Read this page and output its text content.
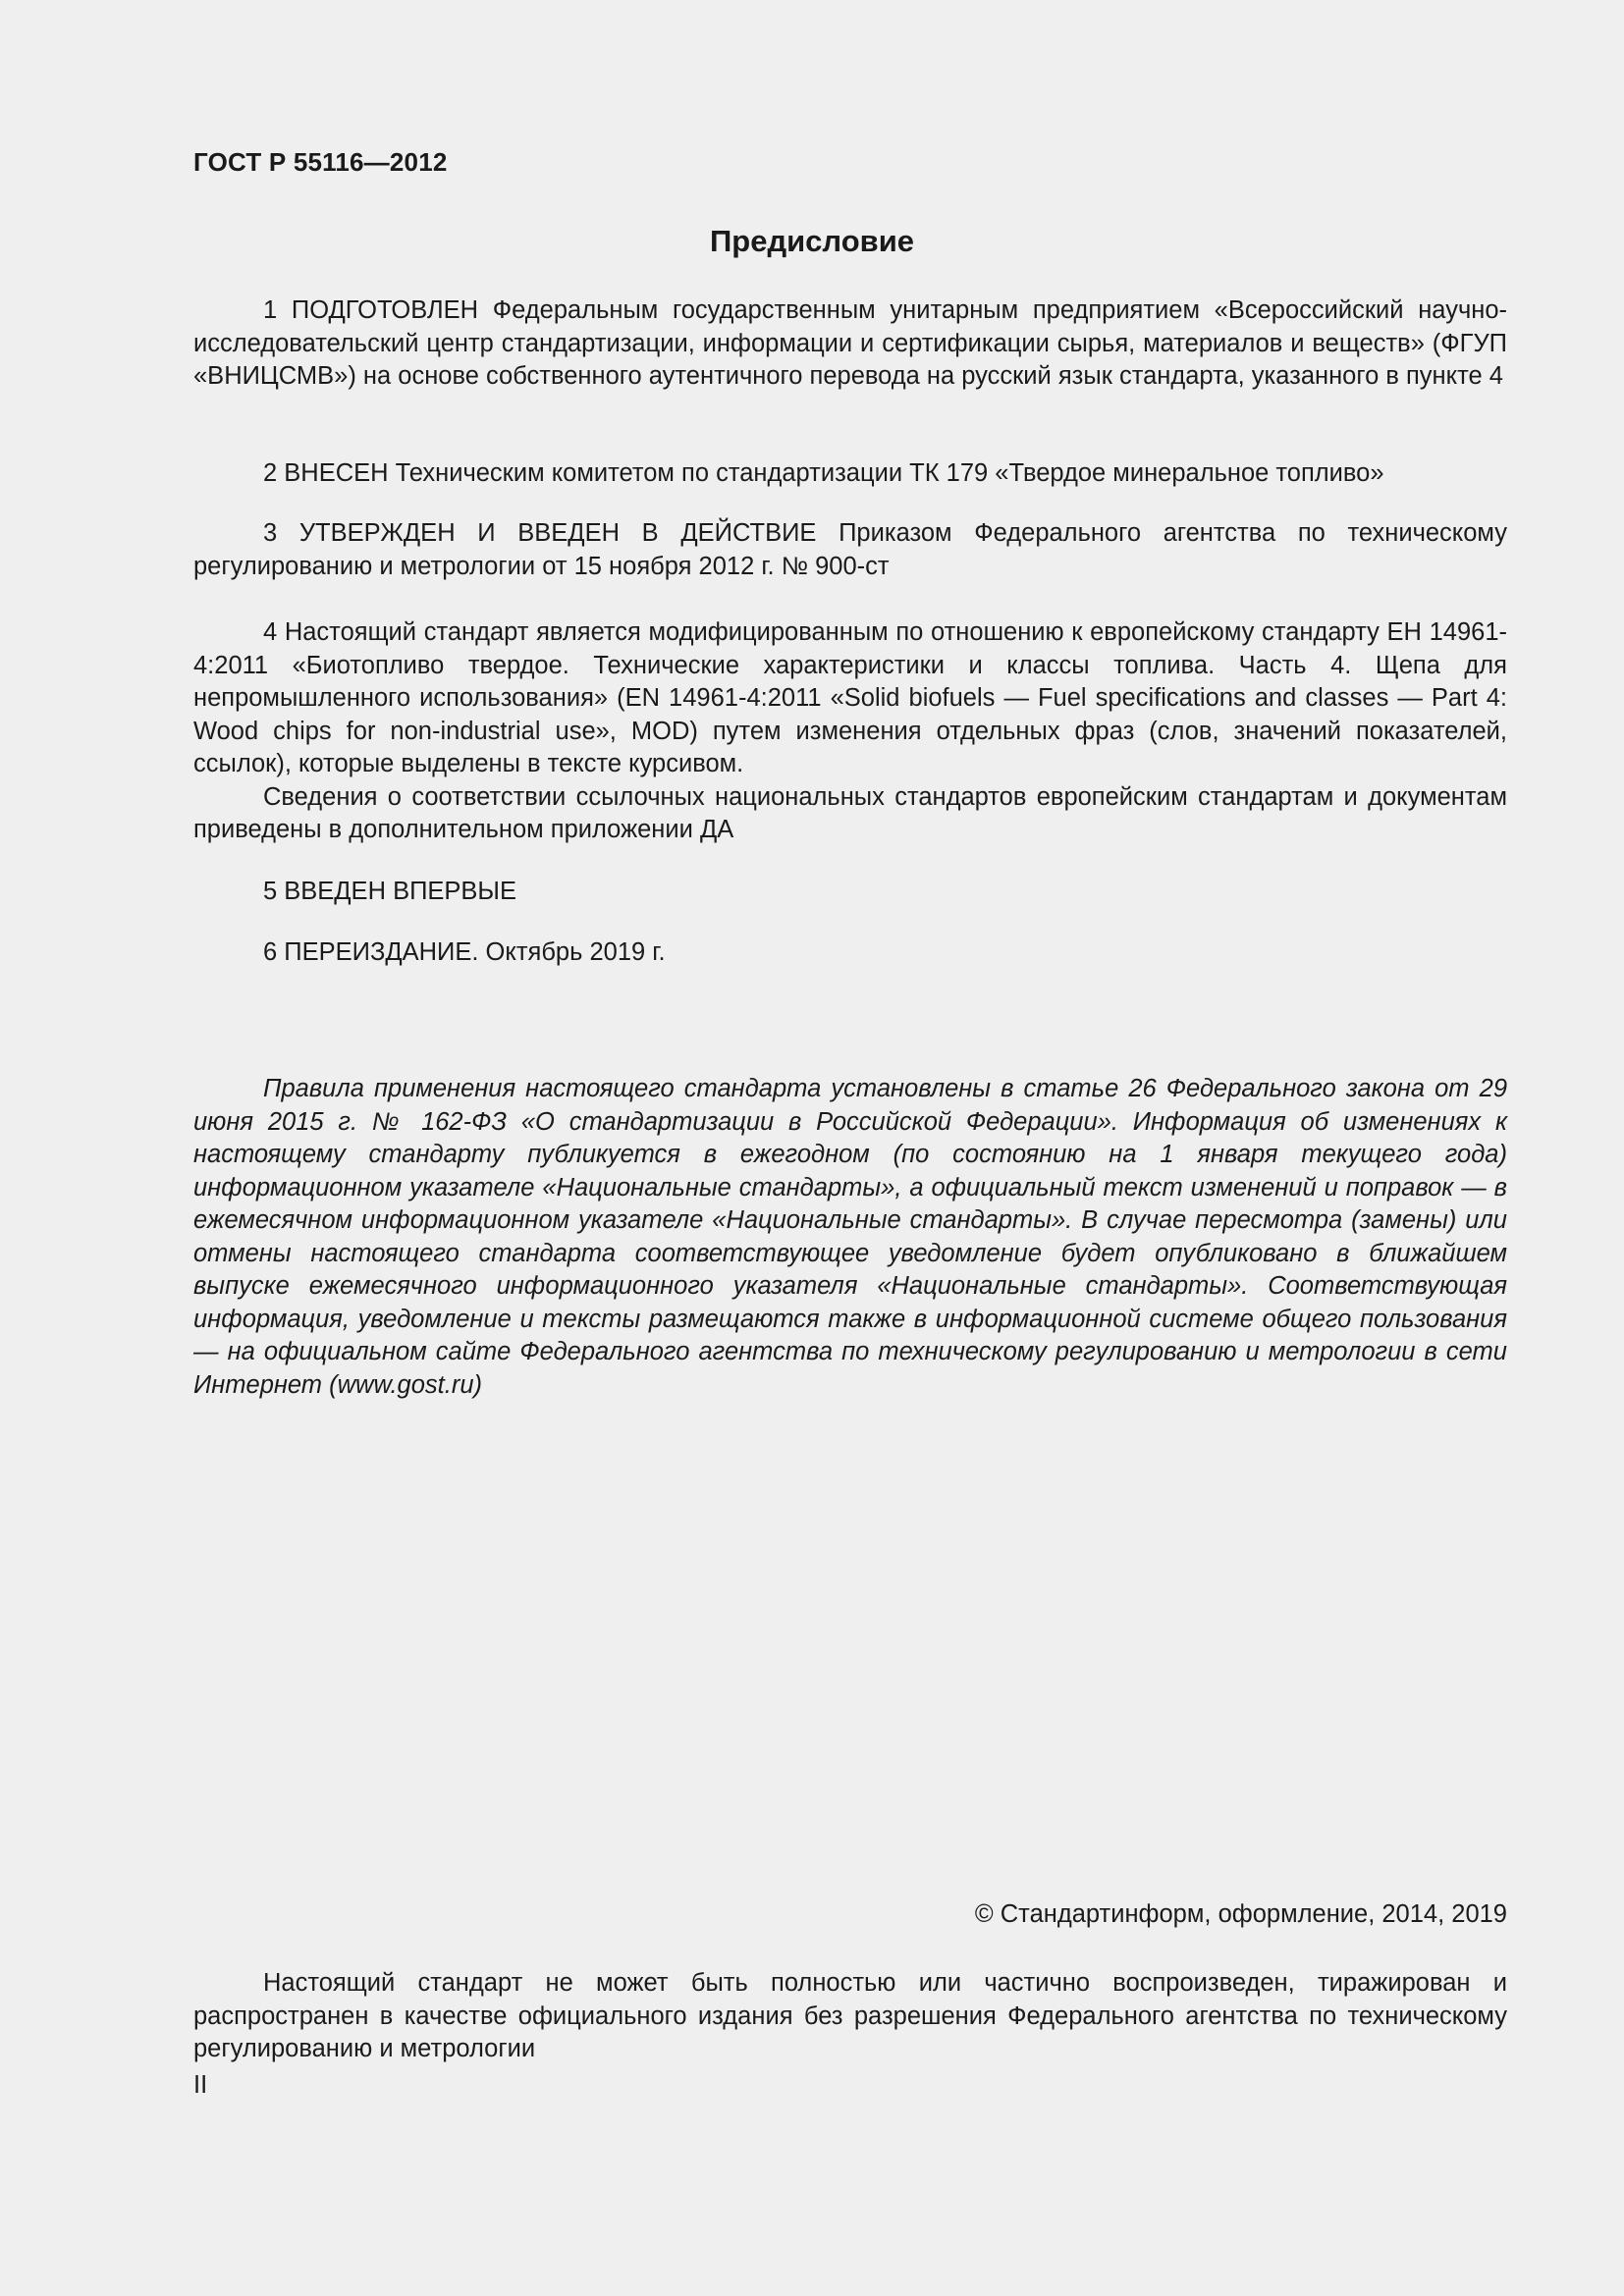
ГОСТ Р 55116—2012
Предисловие

1 ПОДГОТОВЛЕН Федеральным государственным унитарным предприятием «Всероссийский научно-исследовательский центр стандартизации, информации и сертификации сырья, материалов и веществ» (ФГУП «ВНИЦСМВ») на основе собственного аутентичного перевода на русский язык стандарта, указанного в пункте 4

2 ВНЕСЕН Техническим комитетом по стандартизации ТК 179 «Твердое минеральное топливо»

3 УТВЕРЖДЕН И ВВЕДЕН В ДЕЙСТВИЕ Приказом Федерального агентства по техническому регулированию и метрологии от 15 ноября 2012 г. № 900-ст

4 Настоящий стандарт является модифицированным по отношению к европейскому стандарту ЕН 14961-4:2011 «Биотопливо твердое. Технические характеристики и классы топлива. Часть 4. Щепа для непромышленного использования» (EN 14961-4:2011 «Solid biofuels — Fuel specifications and classes — Part 4: Wood chips for non-industrial use», MOD) путем изменения отдельных фраз (слов, значений показателей, ссылок), которые выделены в тексте курсивом.

Сведения о соответствии ссылочных национальных стандартов европейским стандартам и документам приведены в дополнительном приложении ДА

5 ВВЕДЕН ВПЕРВЫЕ

6 ПЕРЕИЗДАНИЕ. Октябрь 2019 г.

Правила применения настоящего стандарта установлены в статье 26 Федерального закона от 29 июня 2015 г. № 162-ФЗ «О стандартизации в Российской Федерации». Информация об изменениях к настоящему стандарту публикуется в ежегодном (по состоянию на 1 января текущего года) информационном указателе «Национальные стандарты», а официальный текст изменений и поправок — в ежемесячном информационном указателе «Национальные стандарты». В случае пересмотра (замены) или отмены настоящего стандарта соответствующее уведомление будет опубликовано в ближайшем выпуске ежемесячного информационного указателя «Национальные стандарты». Соответствующая информация, уведомление и тексты размещаются также в информационной системе общего пользования — на официальном сайте Федерального агентства по техническому регулированию и метрологии в сети Интернет (www.gost.ru)

© Стандартинформ, оформление, 2014, 2019

Настоящий стандарт не может быть полностью или частично воспроизведен, тиражирован и распространен в качестве официального издания без разрешения Федерального агентства по техническому регулированию и метрологии

II
